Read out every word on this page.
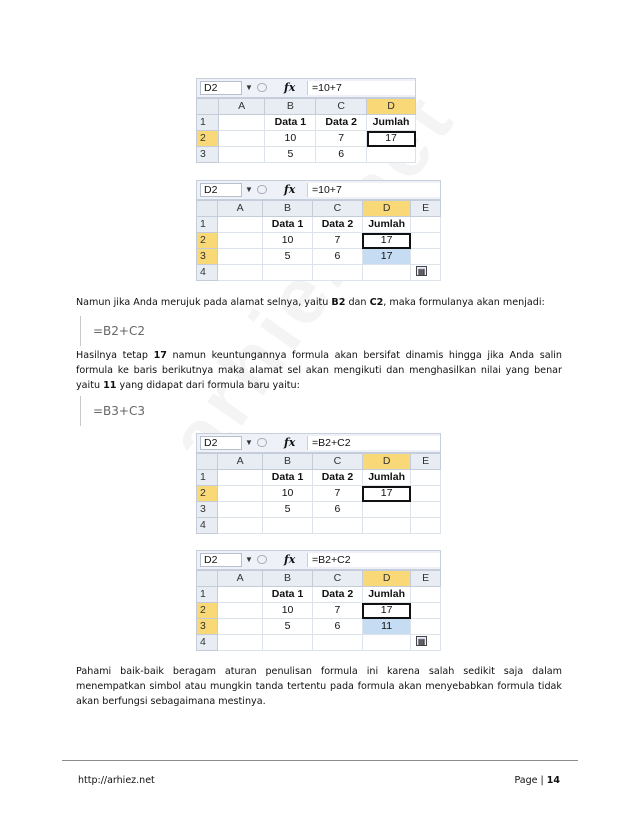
D2	▼	fx	=10+7
	A	B	C	D
1		Data 1	Data 2	Jumlah
2		10	7	17
3		5	6	
D2	▼	fx	=10+7
	A	B	C	D	E
1		Data 1	Data 2	Jumlah	
2		10	7	17	
3		5	6	17	
4						▦
Namun jika Anda merujuk pada alamat selnya, yaitu B2 dan C2, maka formulanya akan menjadi:
=B2+C2
Hasilnya tetap 17 namun keuntungannya formula akan bersifat dinamis hingga jika Anda salin formula ke baris berikutnya maka alamat sel akan mengikuti dan menghasilkan nilai yang benar yaitu 11 yang didapat dari formula baru yaitu:
=B3+C3
D2	▼	fx	=B2+C2
	A	B	C	D	E
1		Data 1	Data 2	Jumlah	
2		10	7	17	
3		5	6		
4					
D2	▼	fx	=B2+C2
	A	B	C	D	E
1		Data 1	Data 2	Jumlah	
2		10	7	17	
3		5	6	11	
4						▦
Pahami baik-baik beragam aturan penulisan formula ini karena salah sedikit saja dalam menempatkan simbol atau mungkin tanda tertentu pada formula akan menyebabkan formula tidak akan berfungsi sebagaimana mestinya.
http://arhiez.net	Page | 14
